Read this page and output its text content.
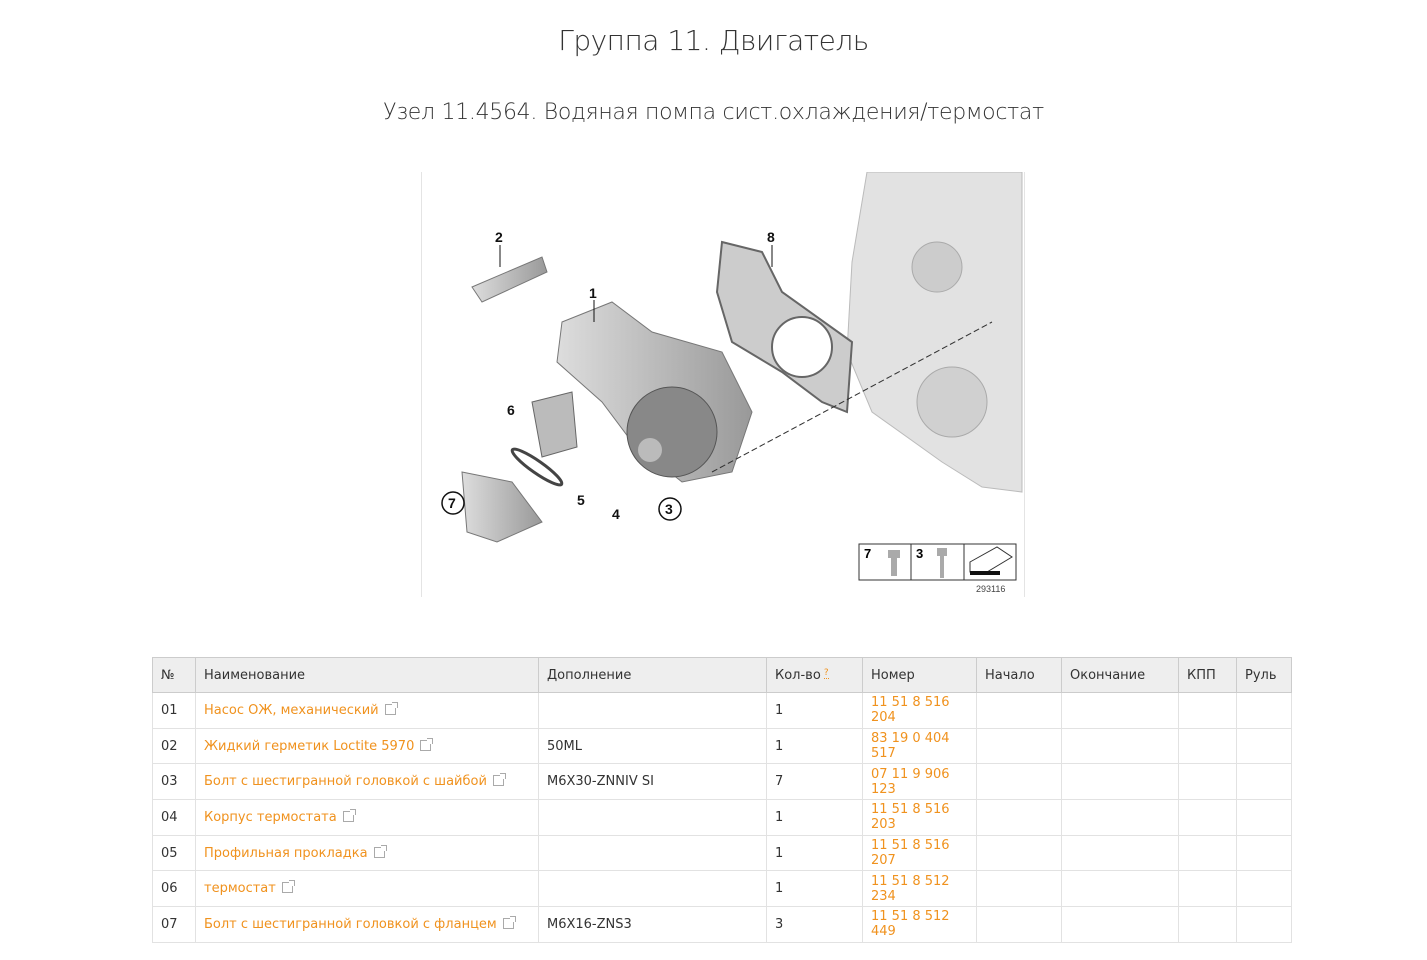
Группа 11. Двигатель
Узел 11.4564. Водяная помпа сист.охлаждения/термостат
2
1
8
6
5
4
7	3
7	3
293116
№	Наименование	Дополнение	Кол-во ?	Номер	Начало	Окончание	КПП	Руль
01	Насос ОЖ, механический		1	11 51 8 516 204				
02	Жидкий герметик Loctite 5970	50ML	1	83 19 0 404 517				
03	Болт с шестигранной головкой с шайбой	M6X30-ZNNIV SI	7	07 11 9 906 123				
04	Корпус термостата		1	11 51 8 516 203				
05	Профильная прокладка		1	11 51 8 516 207				
06	термостат		1	11 51 8 512 234				
07	Болт с шестигранной головкой с фланцем	M6X16-ZNS3	3	11 51 8 512 449				
